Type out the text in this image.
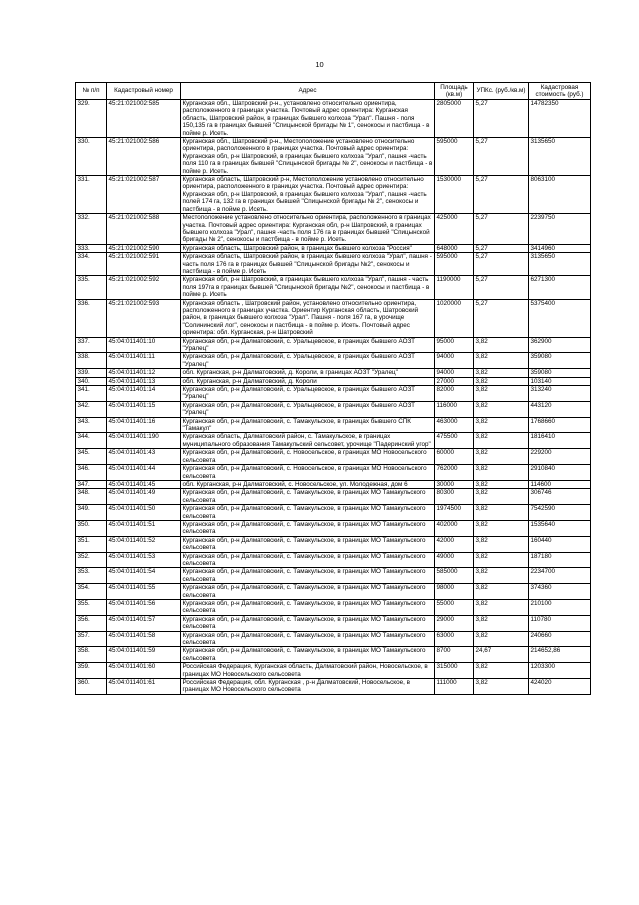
10
№ п/п	Кадастровый номер	Адрес	Площадь (кв.м)	УПКс. (руб./кв.м)	Кадастровая стоимость (руб.)
329.	45:21:021002:585	Курганская обл., Шатровский р-н., установлено относительно ориентира, расположенного в границах участка. Почтовый адрес ориентира: Курганская область, Шатровский район, в границах бывшего колхоза "Урал". Пашня - поля 150,135 га в границах бывшей "Спицынской бригады № 1", сенокосы и пастбища - в пойме р. Исеть.	2805000	5,27	14782350
330.	45:21:021002:586	Курганская обл., Шатровский р-н., Местоположение установлено относительно ориентира, расположенного в границах участка. Почтовый адрес ориентира: Курганская обл, р-н Шатровский, в границах бывшего колхоза "Урал", пашня -часть поля 110 га в границах бывшей "Спицынской бригады № 2", сенокосы и пастбища - в пойме р. Исеть.	595000	5,27	3135650
331.	45:21:021002:587	Курганская область, Шатровский р-н, Местоположение установлено относительно ориентира, расположенного в границах участка. Почтовый адрес ориентира: Курганская обл, р-н Шатровский, в границах бывшего колхоза "Урал", пашня -часть полей 174 га, 132 га в границах бывшей "Спицынской бригады № 2", сенокосы и пастбища - в пойме р. Исеть.	1530000	5,27	8063100
332.	45:21:021002:588	Местоположение установлено относительно ориентира, расположенного в границах участка. Почтовый адрес ориентира: Курганская обл, р-н Шатровский, в границах бывшего колхоза "Урал", пашня -часть поля 176 га в границах бывшей "Спицынской бригады № 2", сенокосы и пастбища - в пойме р. Исеть.	425000	5,27	2239750
333.	45:21:021002:590	Курганская область, Шатровский район, в границах бывшего колхоза "Россия"	648000	5,27	3414960
334.	45:21:021002:591	Курганская область, Шатровский район, в границах бывшего колхоза "Урал", пашня - часть поля 176 га в границах бывшей "Спицынской бригады №2", сенокосы и пастбища - в пойме р. Исеть	595000	5,27	3135650
335.	45:21:021002:592	Курганская обл, р-н Шатровский, в границах бывшего колхоза "Урал", пашня - часть поля 197га в границах бывшей "Спицынской бригады №2", сенокосы и пастбища - в пойме р. Исеть	1190000	5,27	6271300
336.	45:21:021002:593	Курганская область , Шатровский район, установлено относительно ориентира, расположенного в границах участка. Ориентир Курганская область, Шатровский район, в границах бывшего колхоза "Урал". Пашня - поля 167 га, в урочище "Солининский лог", сенокосы и пастбища - в пойме р. Исеть. Почтовый адрес ориентира: обл. Курганская, р-н Шатровский	1020000	5,27	5375400
337.	45:04:011401:10	Курганская обл, р-н Далматовский, с. Уральцевское, в границах бывшего АОЗТ "Уралец"	95000	3,82	362900
338.	45:04:011401:11	Курганская обл, р-н Далматовский, с. Уральцевское, в границах бывшего АОЗТ "Уралец"	94000	3,82	359080
339.	45:04:011401:12	обл. Курганская, р-н Далматовский, д. Короли, в границах АОЗТ "Уралец"	94000	3,82	359080
340.	45:04:011401:13	обл. Курганская, р-н Далматовский, д. Короли	27000	3,82	103140
341.	45:04:011401:14	Курганская обл, р-н Далматовский, с. Уральцевское, в границах бывшего АОЗТ "Уралец"	82000	3,82	313240
342.	45:04:011401:15	Курганская обл, р-н Далматовский, с. Уральцевское, в границах бывшего АОЗТ "Уралец"	116000	3,82	443120
343.	45:04:011401:16	Курганская обл, р-н Далматовский, с. Тамакульское, в границах бывшего СПК "Тамакул"	463000	3,82	1768660
344.	45:04:011401:190	Курганская область, Далматовский район, с. Тамакульское, в границах муниципального образования Тамакульский сельсовет, урочище "Падеринский угор"	475500	3,82	1816410
345.	45:04:011401:43	Курганская обл, р-н Далматовский, с. Новосельское, в границах МО Новосельского сельсовета	60000	3,82	229200
346.	45:04:011401:44	Курганская обл, р-н Далматовский, с. Новосельское, в границах МО Новосельского сельсовета	762000	3,82	2910840
347.	45:04:011401:45	обл. Курганская, р-н Далматовский, с. Новосельское, ул. Молодежная, дом 6	30000	3,82	114600
348.	45:04:011401:49	Курганская обл, р-н Далматовский, с. Тамакульское, в границах МО Тамакульского сельсовета	80300	3,82	306746
349.	45:04:011401:50	Курганская обл, р-н Далматовский, с. Тамакульское, в границах МО Тамакульского сельсовета	1974500	3,82	7542590
350.	45:04:011401:51	Курганская обл, р-н Далматовский, с. Тамакульское, в границах МО Тамакульского сельсовета	402000	3,82	1535640
351.	45:04:011401:52	Курганская обл, р-н Далматовский, с. Тамакульское, в границах МО Тамакульского сельсовета	42000	3,82	160440
352.	45:04:011401:53	Курганская обл, р-н Далматовский, с. Тамакульское, в границах МО Тамакульского сельсовета	49000	3,82	187180
353.	45:04:011401:54	Курганская обл, р-н Далматовский, с. Тамакульское, в границах МО Тамакульского сельсовета	585000	3,82	2234700
354.	45:04:011401:55	Курганская обл, р-н Далматовский, с. Тамакульское, в границах МО Тамакульского сельсовета	98000	3,82	374360
355.	45:04:011401:56	Курганская обл, р-н Далматовский, с. Тамакульское, в границах МО Тамакульского сельсовета	55000	3,82	210100
356.	45:04:011401:57	Курганская обл, р-н Далматовский, с. Тамакульское, в границах МО Тамакульского сельсовета	29000	3,82	110780
357.	45:04:011401:58	Курганская обл, р-н Далматовский, с. Тамакульское, в границах МО Тамакульского сельсовета	63000	3,82	240660
358.	45:04:011401:59	Курганская обл, р-н Далматовский, с. Тамакульское, в границах МО Тамакульского сельсовета	8700	24,67	214652,86
359.	45:04:011401:60	Российская Федерация, Курганская область, Далматовский район, Новосельское, в границах МО Новосельского сельсовета	315000	3,82	1203300
360.	45:04:011401:61	Российская Федерация, обл. Курганская , р-н Далматовский, Новосельское, в границах МО Новосельского сельсовета	111000	3,82	424020
